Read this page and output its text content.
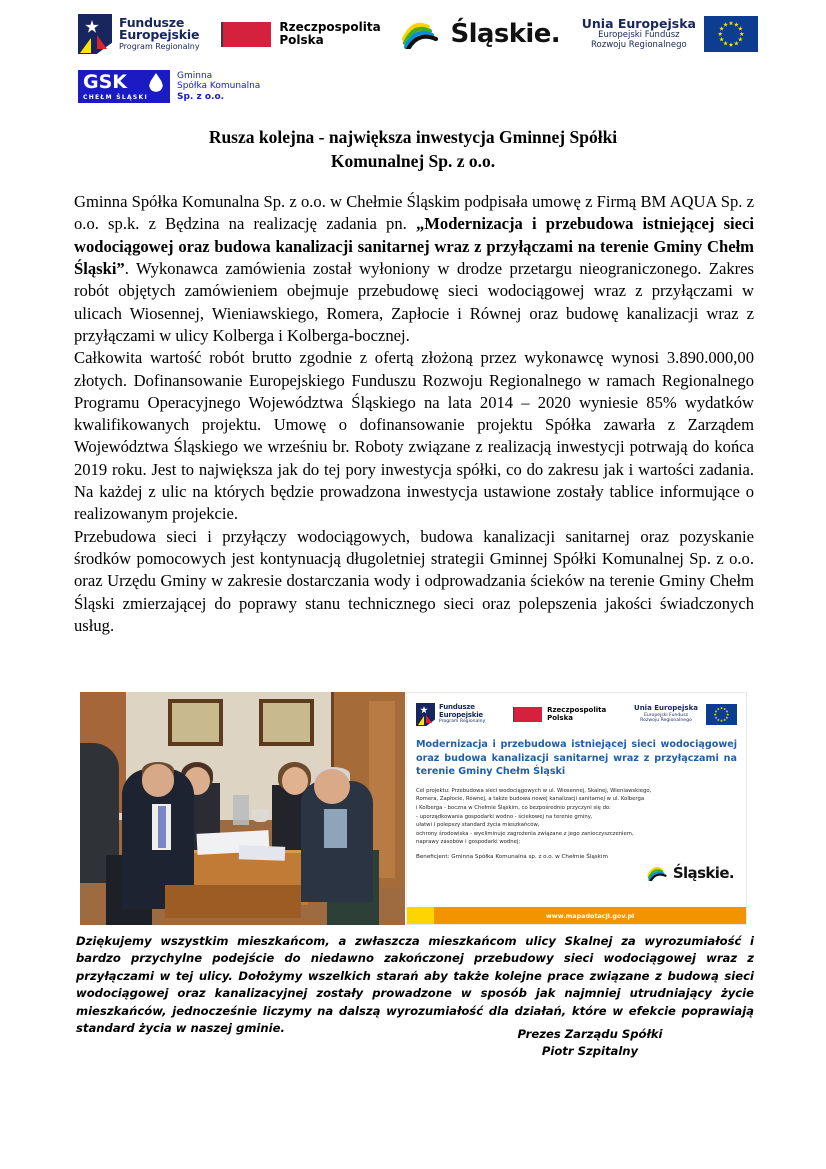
Fundusze
Europejskie
Program Regionalny
Rzeczpospolita
Polska	Śląskie. Unia Europejska
Europejski Fundusz
Rozwoju Regionalnego
GSK
CHEŁM ŚLĄSKI
Gminna
Spółka Komunalna
Sp. z o.o.
Rusza kolejna - największa inwestycja Gminnej Spółki
Komunalnej Sp. z o.o.

Gminna Spółka Komunalna Sp. z o.o. w Chełmie Śląskim podpisała umowę z Firmą BM AQUA Sp. z o.o. sp.k. z Będzina na realizację zadania pn. „Modernizacja i przebudowa istniejącej sieci wodociągowej oraz budowa kanalizacji sanitarnej wraz z przyłączami na terenie Gminy Chełm Śląski”. Wykonawca zamówienia został wyłoniony w drodze przetargu nieograniczonego. Zakres robót objętych zamówieniem obejmuje przebudowę sieci wodociągowej wraz z przyłączami w ulicach Wiosennej, Wieniawskiego, Romera, Zapłocie i Równej oraz budowę kanalizacji wraz z przyłączami w ulicy Kolberga i Kolberga-bocznej.

Całkowita wartość robót brutto zgodnie z ofertą złożoną przez wykonawcę wynosi 3.890.000,00 złotych. Dofinansowanie Europejskiego Funduszu Rozwoju Regionalnego w ramach Regionalnego Programu Operacyjnego Województwa Śląskiego na lata 2014 – 2020 wyniesie 85% wydatków kwalifikowanych projektu. Umowę o dofinansowanie projektu Spółka zawarła z Zarządem Województwa Śląskiego we wrześniu br. Roboty związane z realizacją inwestycji potrwają do końca 2019 roku. Jest to największa jak do tej pory inwestycja spółki, co do zakresu jak i wartości zadania. Na każdej z ulic na których będzie prowadzona inwestycja ustawione zostały tablice informujące o realizowanym projekcie.

Przebudowa sieci i przyłączy wodociągowych, budowa kanalizacji sanitarnej oraz pozyskanie środków pomocowych jest kontynuacją długoletniej strategii Gminnej Spółki Komunalnej Sp. z o.o. oraz Urzędu Gminy w zakresie dostarczania wody i odprowadzania ścieków na terenie Gminy Chełm Śląski zmierzającej do poprawy stanu technicznego sieci oraz polepszenia jakości świadczonych usług.

Fundusze
Europejskie
Program Regionalny
Rzeczpospolita
Polska
Unia Europejska
Europejski Fundusz
Rozwoju Regionalnego
Modernizacja i przebudowa istniejącej sieci wodociągowej oraz budowa kanalizacji sanitarnej wraz z przyłączami na terenie Gminy Chełm Śląski

Cel projektu: Przebudowa sieci wodociągowych w ul. Wiosennej, Skalnej, Wieniawskiego,

Romera, Zapłocie, Równej, a także budowa nowej kanalizacji sanitarnej w ul. Kolberga

i Kolberga - boczna w Chełmie Śląskim, co bezpośrednio przyczyni się do:

- uporządkowania gospodarki wodno - ściekowej na terenie gminy,

ułatwi i polepszy standard życia mieszkańców,

ochrony środowiska - wyeliminuje zagrożenia związane z jego zanieczyszczeniem,

naprawy zasobów i gospodarki wodnej;

Beneficjent: Gminna Spółka Komunalna sp. z o.o. w Chełmie Śląskim
Śląskie.
www.mapadotacji.gov.pl
Dziękujemy wszystkim mieszkańcom, a zwłaszcza mieszkańcom ulicy Skalnej za wyrozumiałość i bardzo przychylne podejście do niedawno zakończonej przebudowy sieci wodociągowej wraz z przyłączami w tej ulicy. Dołożymy wszelkich starań aby także kolejne prace związane z budową sieci wodociągowej oraz kanalizacyjnej zostały prowadzone w sposób jak najmniej utrudniający życie mieszkańców, jednocześnie liczymy na dalszą wyrozumiałość dla działań, które w efekcie poprawiają standard życia w naszej gminie.	Prezes Zarządu Spółki
Piotr Szpitalny
